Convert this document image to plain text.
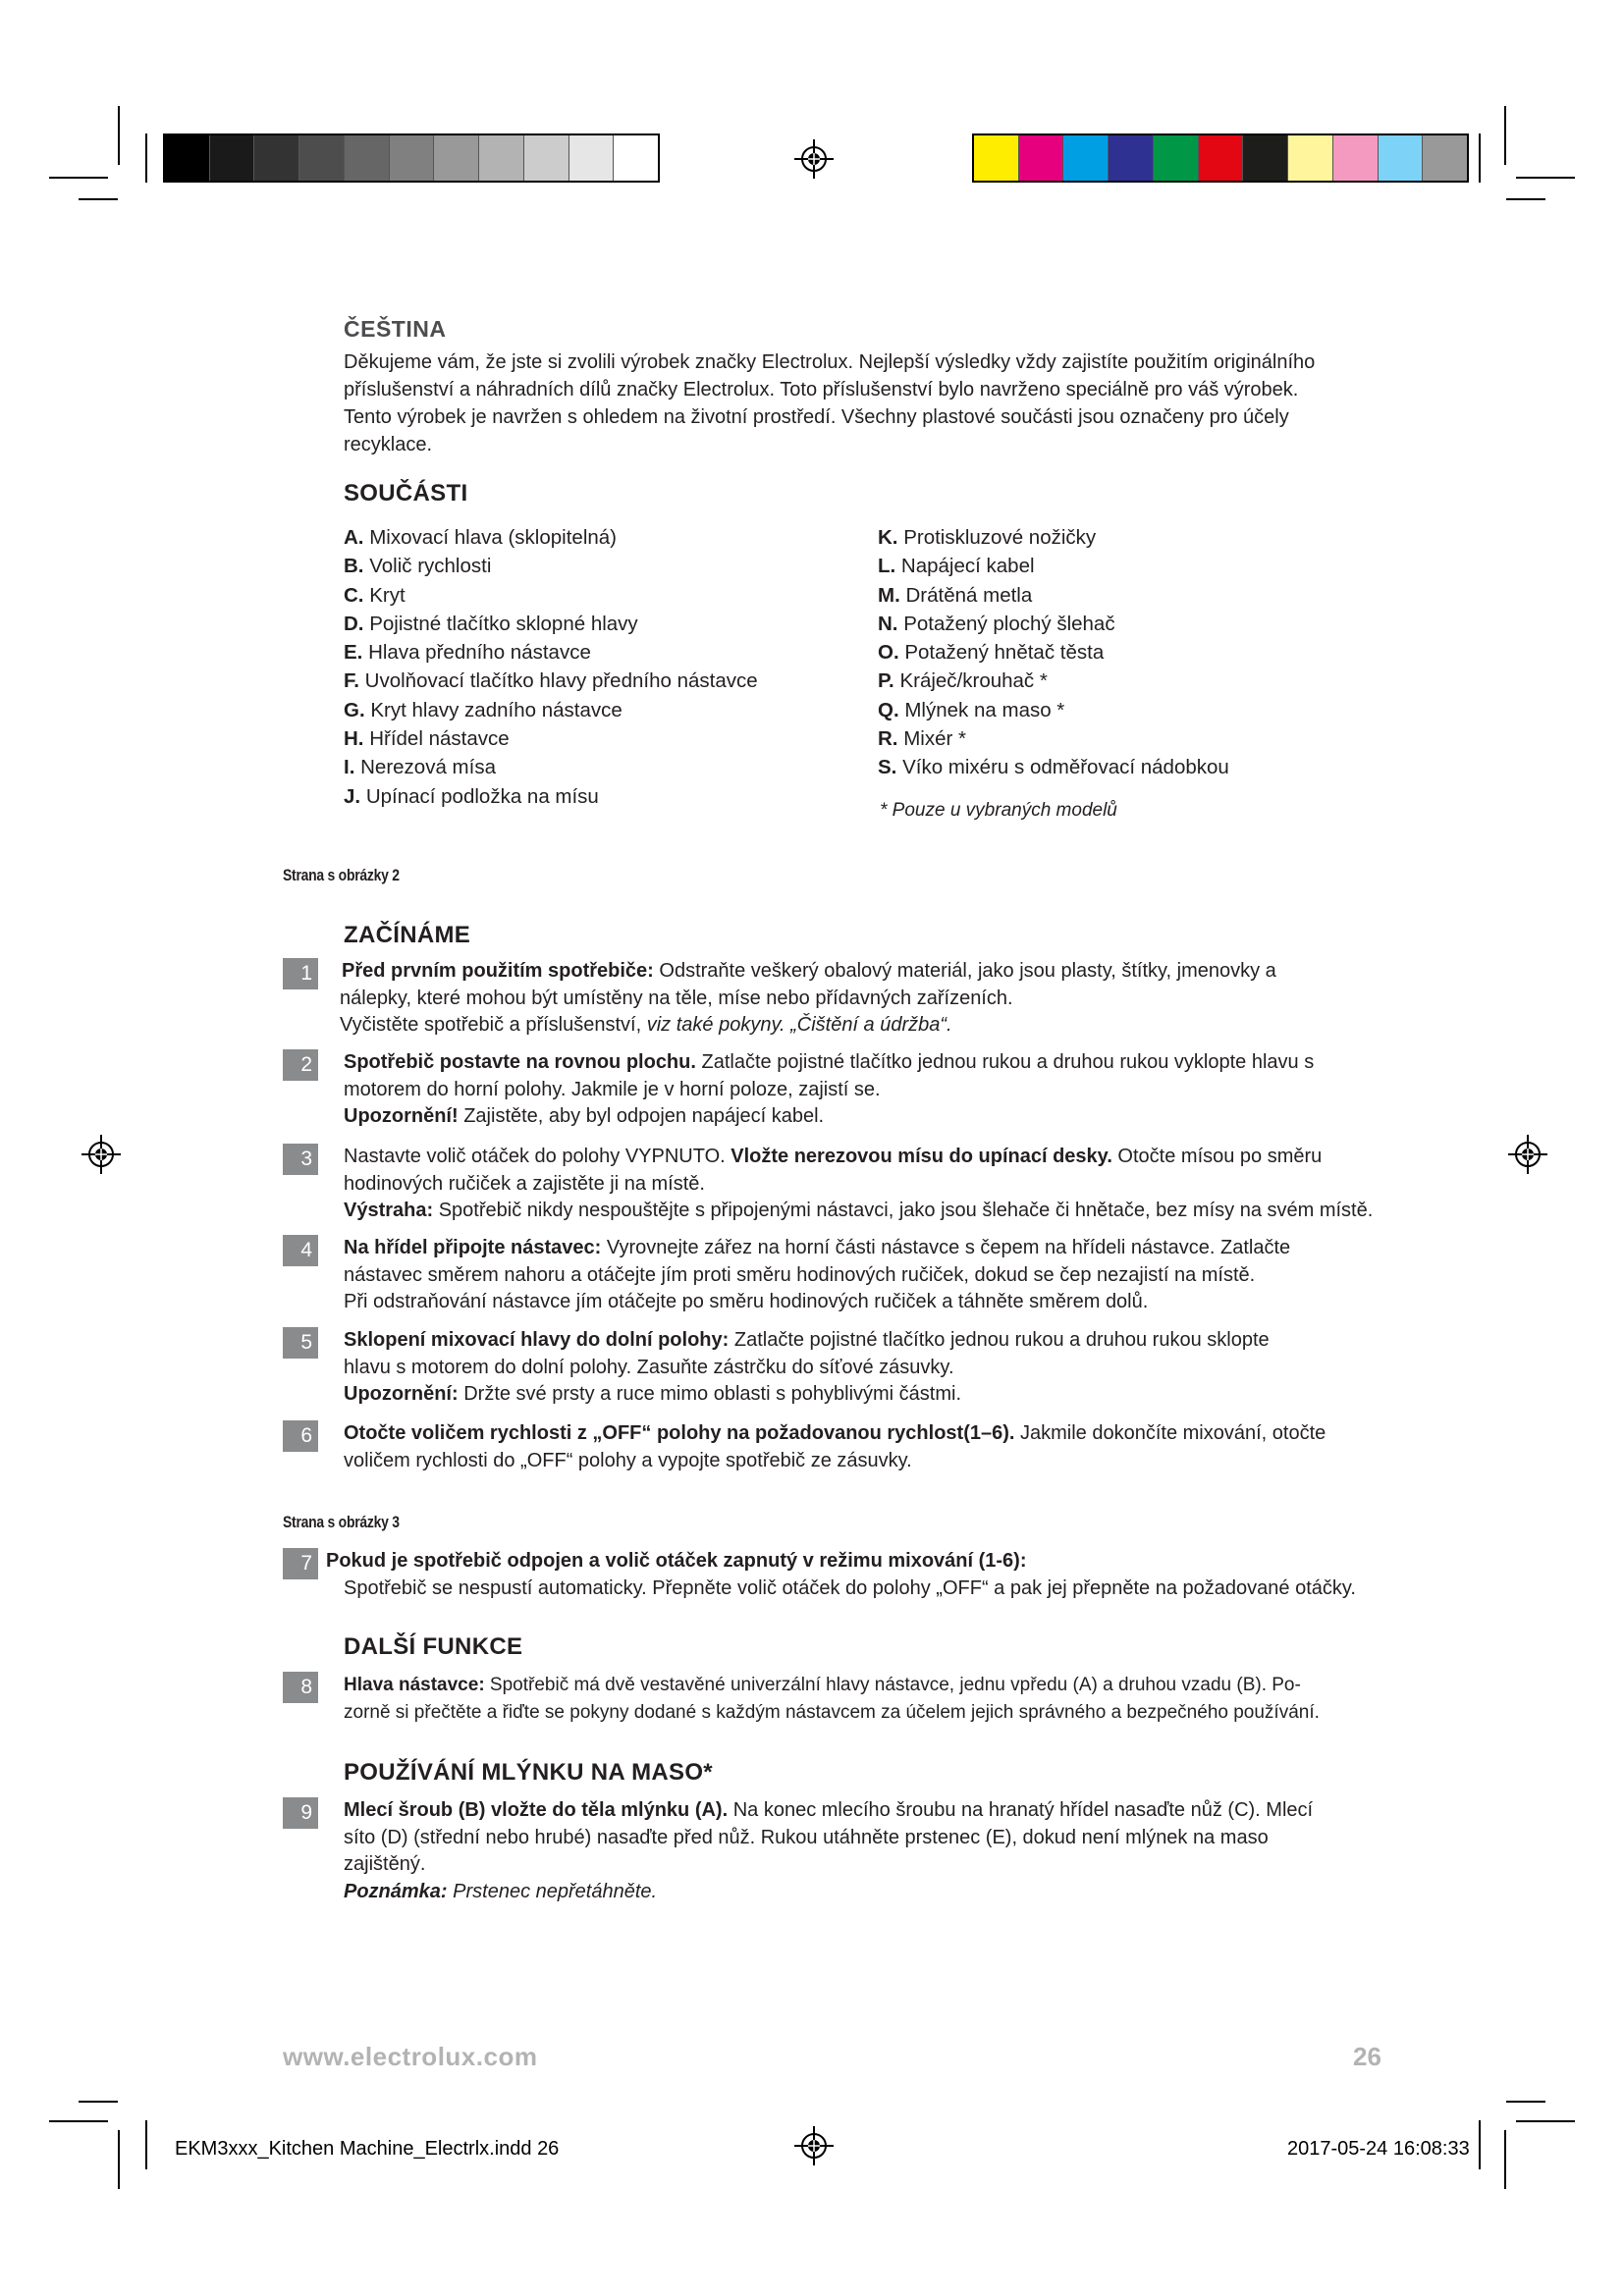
ČEŠTINA
Děkujeme vám, že jste si zvolili výrobek značky Electrolux. Nejlepší výsledky vždy zajistíte použitím originálního
příslušenství a náhradních dílů značky Electrolux. Toto příslušenství bylo navrženo speciálně pro váš výrobek.
Tento výrobek je navržen s ohledem na životní prostředí. Všechny plastové součásti jsou označeny pro účely
recyklace.
SOUČÁSTI
A. Mixovací hlava (sklopitelná)
B. Volič rychlosti
C. Kryt
D. Pojistné tlačítko sklopné hlavy
E. Hlava předního nástavce
F. Uvolňovací tlačítko hlavy předního nástavce
G. Kryt hlavy zadního nástavce
H. Hřídel nástavce
I. Nerezová mísa
J. Upínací podložka na mísu
K. Protiskluzové nožičky
L. Napájecí kabel
M. Drátěná metla
N. Potažený plochý šlehač
O. Potažený hnětač těsta
P. Kráječ/krouhač *
Q. Mlýnek na maso *
R. Mixér *
S. Víko mixéru s odměřovací nádobkou
* Pouze u vybraných modelů
Strana s obrázky 2
ZAČÍNÁME
1	Před prvním použitím spotřebiče: Odstraňte veškerý obalový materiál, jako jsou plasty, štítky, jmenovky a
nálepky, které mohou být umístěny na těle, míse nebo přídavných zařízeních.
Vyčistěte spotřebič a příslušenství, viz také pokyny. „Čištění a údržba“.
2	Spotřebič postavte na rovnou plochu. Zatlačte pojistné tlačítko jednou rukou a druhou rukou vyklopte hlavu s
motorem do horní polohy. Jakmile je v horní poloze, zajistí se.
Upozornění! Zajistěte, aby byl odpojen napájecí kabel.
3	Nastavte volič otáček do polohy VYPNUTO. Vložte nerezovou mísu do upínací desky. Otočte mísou po směru
hodinových ručiček a zajistěte ji na místě.
Výstraha: Spotřebič nikdy nespouštějte s připojenými nástavci, jako jsou šlehače či hnětače, bez mísy na svém místě.
4	Na hřídel připojte nástavec: Vyrovnejte zářez na horní části nástavce s čepem na hřídeli nástavce. Zatlačte
nástavec směrem nahoru a otáčejte jím proti směru hodinových ručiček, dokud se čep nezajistí na místě.
Při odstraňování nástavce jím otáčejte po směru hodinových ručiček a táhněte směrem dolů.
5	Sklopení mixovací hlavy do dolní polohy: Zatlačte pojistné tlačítko jednou rukou a druhou rukou sklopte
hlavu s motorem do dolní polohy. Zasuňte zástrčku do síťové zásuvky.
Upozornění: Držte své prsty a ruce mimo oblasti s pohyblivými částmi.
6	Otočte voličem rychlosti z „OFF“ polohy na požadovanou rychlost(1–6). Jakmile dokončíte mixování, otočte
voličem rychlosti do „OFF“ polohy a vypojte spotřebič ze zásuvky.
Strana s obrázky 3
7 Pokud je spotřebič odpojen a volič otáček zapnutý v režimu mixování (1-6):
Spotřebič se nespustí automaticky. Přepněte volič otáček do polohy „OFF“ a pak jej přepněte na požadované otáčky.
DALŠÍ FUNKCE
8	Hlava nástavce: Spotřebič má dvě vestavěné univerzální hlavy nástavce, jednu vpředu (A) a druhou vzadu (B). Po-
zorně si přečtěte a řiďte se pokyny dodané s každým nástavcem za účelem jejich správného a bezpečného používání.
POUŽÍVÁNÍ MLÝNKU NA MASO*
9	Mlecí šroub (B) vložte do těla mlýnku (A). Na konec mlecího šroubu na hranatý hřídel nasaďte nůž (C). Mlecí
síto (D) (střední nebo hrubé) nasaďte před nůž. Rukou utáhněte prstenec (E), dokud není mlýnek na maso
zajištěný.
Poznámka: Prstenec nepřetáhněte.
www.electrolux.com	26
EKM3xxx_Kitchen Machine_Electrlx.indd 26	2017-05-24 16:08:33
